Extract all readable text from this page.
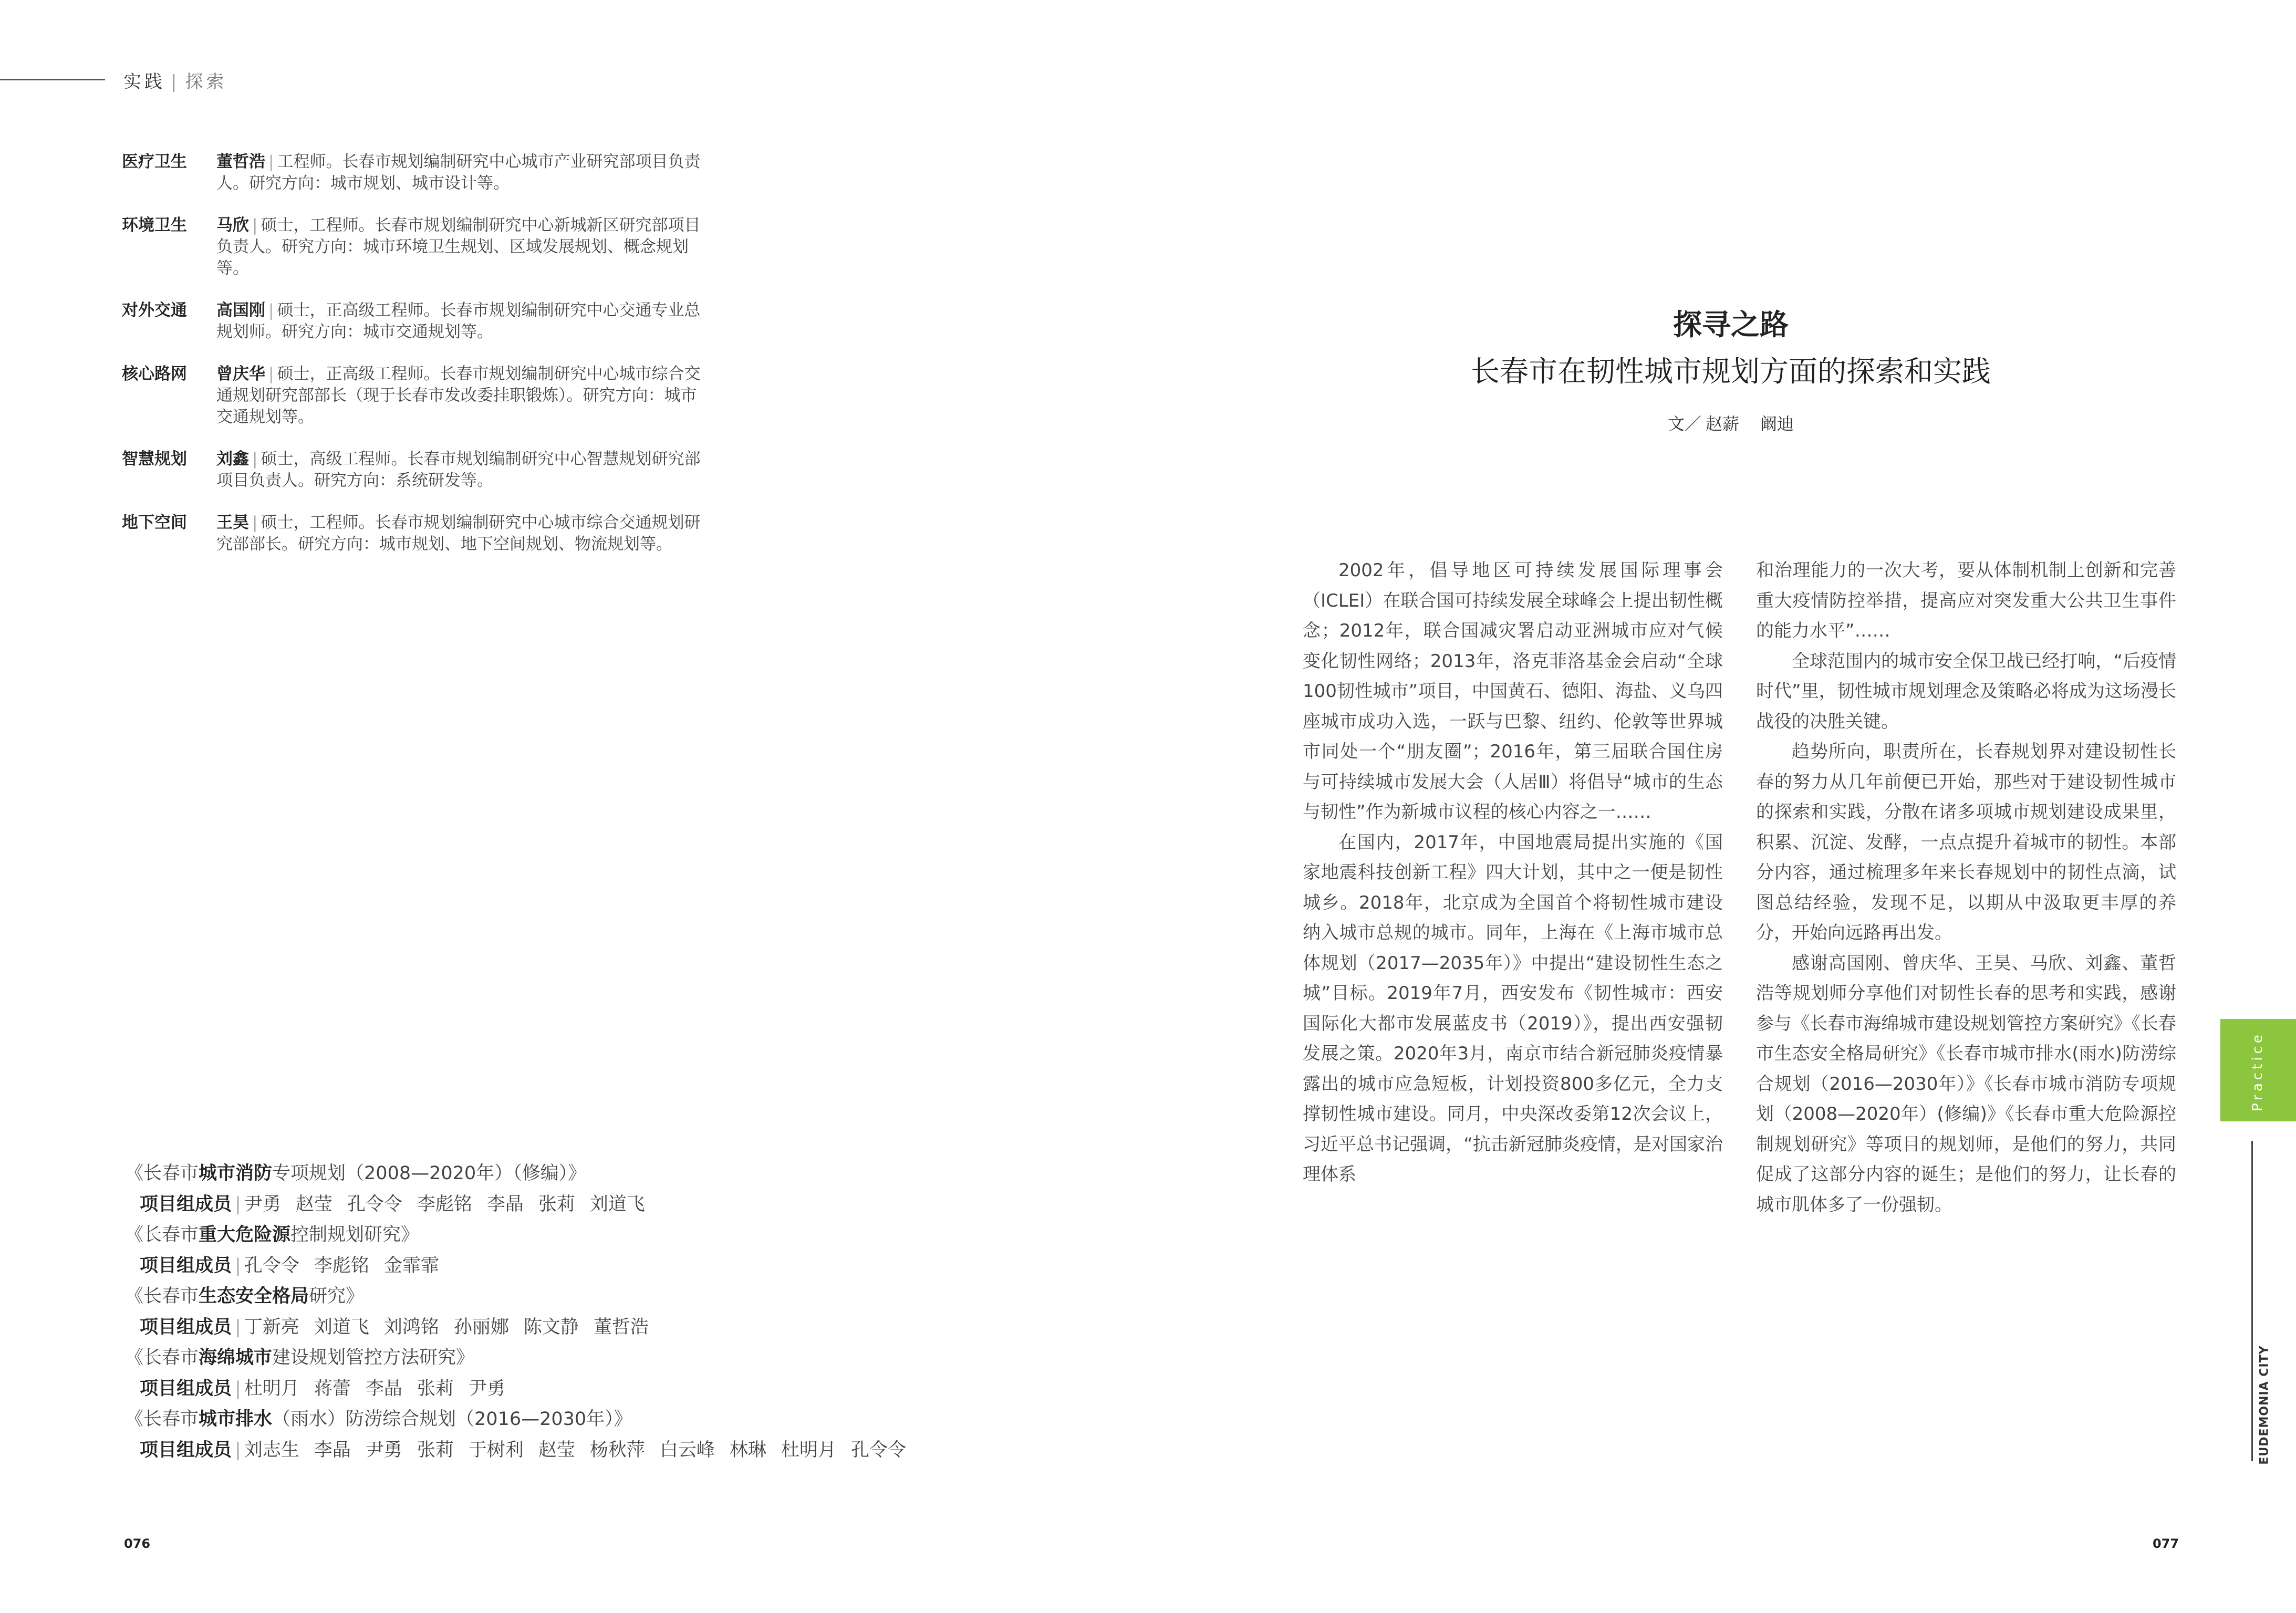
实践 | 探索
医疗卫生	董哲浩 | 工程师。长春市规划编制研究中心城市产业研究部项目负责人。研究方向：城市规划、城市设计等。
环境卫生	马欣 | 硕士，工程师。长春市规划编制研究中心新城新区研究部项目负责人。研究方向：城市环境卫生规划、区域发展规划、概念规划等。
对外交通	高国刚 | 硕士，正高级工程师。长春市规划编制研究中心交通专业总规划师。研究方向：城市交通规划等。
核心路网	曾庆华 | 硕士，正高级工程师。长春市规划编制研究中心城市综合交通规划研究部部长（现于长春市发改委挂职锻炼）。研究方向：城市交通规划等。
智慧规划	刘鑫 | 硕士，高级工程师。长春市规划编制研究中心智慧规划研究部项目负责人。研究方向：系统研发等。
地下空间	王昊 | 硕士，工程师。长春市规划编制研究中心城市综合交通规划研究部部长。研究方向：城市规划、地下空间规划、物流规划等。
《长春市城市消防专项规划（2008—2020年）（修编）》
项目组成员 | 尹勇 赵莹 孔令令 李彪铭 李晶 张莉 刘道飞
《长春市重大危险源控制规划研究》
项目组成员 | 孔令令 李彪铭 金霏霏
《长春市生态安全格局研究》
项目组成员 | 丁新亮 刘道飞 刘鸿铭 孙丽娜 陈文静 董哲浩
《长春市海绵城市建设规划管控方法研究》
项目组成员 | 杜明月 蒋蕾 李晶 张莉 尹勇
《长春市城市排水（雨水）防涝综合规划（2016—2030年）》
项目组成员 | 刘志生 李晶 尹勇 张莉 于树利 赵莹 杨秋萍 白云峰 林琳 杜明月 孔令令
076
探寻之路
长春市在韧性城市规划方面的探索和实践
文／ 赵薪  阚迪

2002年，倡导地区可持续发展国际理事会（ICLEI）在联合国可持续发展全球峰会上提出韧性概念；2012年，联合国减灾署启动亚洲城市应对气候变化韧性网络；2013年，洛克菲洛基金会启动“全球100韧性城市”项目，中国黄石、德阳、海盐、义乌四座城市成功入选，一跃与巴黎、纽约、伦敦等世界城市同处一个“朋友圈”；2016年，第三届联合国住房与可持续城市发展大会（人居Ⅲ）将倡导“城市的生态与韧性”作为新城市议程的核心内容之一……

在国内，2017年，中国地震局提出实施的《国家地震科技创新工程》四大计划，其中之一便是韧性城乡。2018年，北京成为全国首个将韧性城市建设纳入城市总规的城市。同年，上海在《上海市城市总体规划（2017—2035年）》中提出“建设韧性生态之城”目标。2019年7月，西安发布《韧性城市：西安国际化大都市发展蓝皮书（2019）》，提出西安强韧发展之策。2020年3月，南京市结合新冠肺炎疫情暴露出的城市应急短板，计划投资800多亿元，全力支撑韧性城市建设。同月，中央深改委第12次会议上，习近平总书记强调，“抗击新冠肺炎疫情，是对国家治理体系

和治理能力的一次大考，要从体制机制上创新和完善重大疫情防控举措，提高应对突发重大公共卫生事件的能力水平”……

全球范围内的城市安全保卫战已经打响，“后疫情时代”里，韧性城市规划理念及策略必将成为这场漫长战役的决胜关键。

趋势所向，职责所在，长春规划界对建设韧性长春的努力从几年前便已开始，那些对于建设韧性城市的探索和实践，分散在诸多项城市规划建设成果里，积累、沉淀、发酵，一点点提升着城市的韧性。本部分内容，通过梳理多年来长春规划中的韧性点滴，试图总结经验，发现不足，以期从中汲取更丰厚的养分，开始向远路再出发。

感谢高国刚、曾庆华、王昊、马欣、刘鑫、董哲浩等规划师分享他们对韧性长春的思考和实践，感谢参与《长春市海绵城市建设规划管控方案研究》《长春市生态安全格局研究》《长春市城市排水(雨水)防涝综合规划（2016—2030年）》《长春市城市消防专项规划（2008—2020年）(修编)》《长春市重大危险源控制规划研究》等项目的规划师，是他们的努力，共同促成了这部分内容的诞生；是他们的努力，让长春的城市肌体多了一份强韧。

077
Practice
EUDEMONIA CITY
